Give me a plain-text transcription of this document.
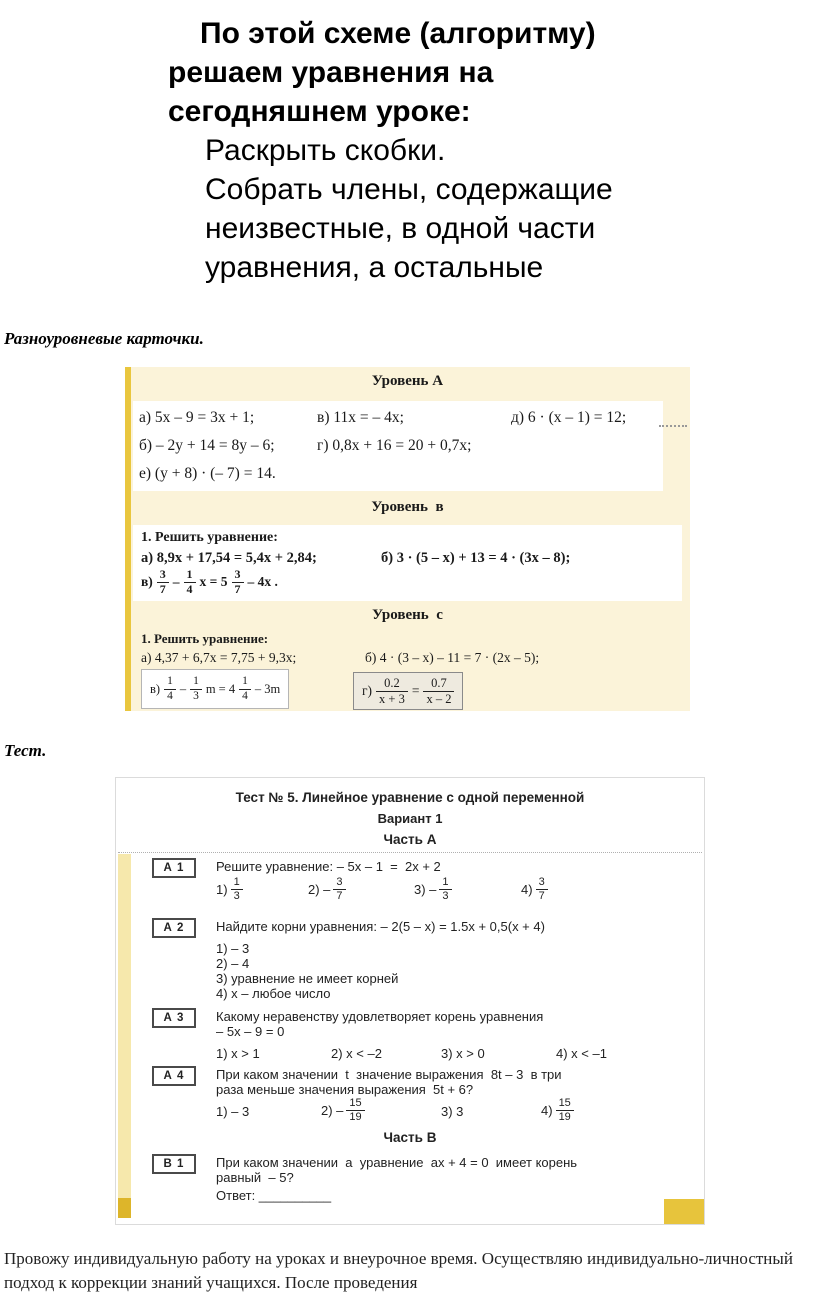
По этой схеме (алгоритму)
решаем уравнения на
сегодняшнем уроке:
Раскрыть скобки.
Собрать члены, содержащие
неизвестные, в одной части
уравнения, а остальные
Разноуровневые карточки.
Уровень А
а) 5x – 9 = 3x + 1;	в) 11x = – 4x;	д) 6 · (x – 1) = 12;
б) – 2y + 14 = 8y – 6;	г) 0,8x + 16 = 20 + 0,7x;
е) (y + 8) · (– 7) = 14.
Уровень  в
1. Решить уравнение:
а) 8,9x + 17,54 = 5,4x + 2,84;	б) 3 · (5 – x) + 13 = 4 · (3x – 8);
$в) \frac{3}{7} - \frac{1}{4}$ $x = 5 \frac{3}{7} - 4x$ .
Уровень  с
1. Решить уравнение:
а) 4,37 + 6,7x = 7,75 + 9,3x;	б) 4 · (3 – x) – 11 = 7 · (2x – 5);
$в) \frac{1}{4} - \frac{1}{3}$ $m = 4 \frac{1}{4} - 3m$	$г) \frac{0.2}{x + 3} = \frac{0.7}{x - 2}$
Тест.
Тест № 5. Линейное уравнение с одной переменной
Вариант 1
Часть А
А 1	Решите уравнение: – 5x – 1  =  2x + 2
$1) \frac{1}{3}$	$2) - \frac{3}{7}$	$3) - \frac{1}{3}$	$4) \frac{3}{7}$
А 2	Найдите корни уравнения: – 2(5 – x) = 1.5x + 0,5(x + 4)
1) – 3
2) – 4
3) уравнение не имеет корней
4) x – любое число
А 3	Какому неравенству удовлетворяет корень уравнения
– 5x – 9 = 0
1) x > 1	2) x < –2	3) x > 0	4) x < –1
А 4	При каком значении  t  значение выражения  8t – 3  в три
раза меньше значения выражения  5t + 6?
1) – 3	$2) - \frac{15}{19}$	3) 3	$4) \frac{15}{19}$
Часть В
В 1	При каком значении  a  уравнение  ax + 4 = 0  имеет корень
равный  – 5?
Ответ: __________
Провожу индивидуальную работу на уроках и внеурочное время. Осуществляю индивидуально-личностный подход к коррекции знаний учащихся. После проведения
